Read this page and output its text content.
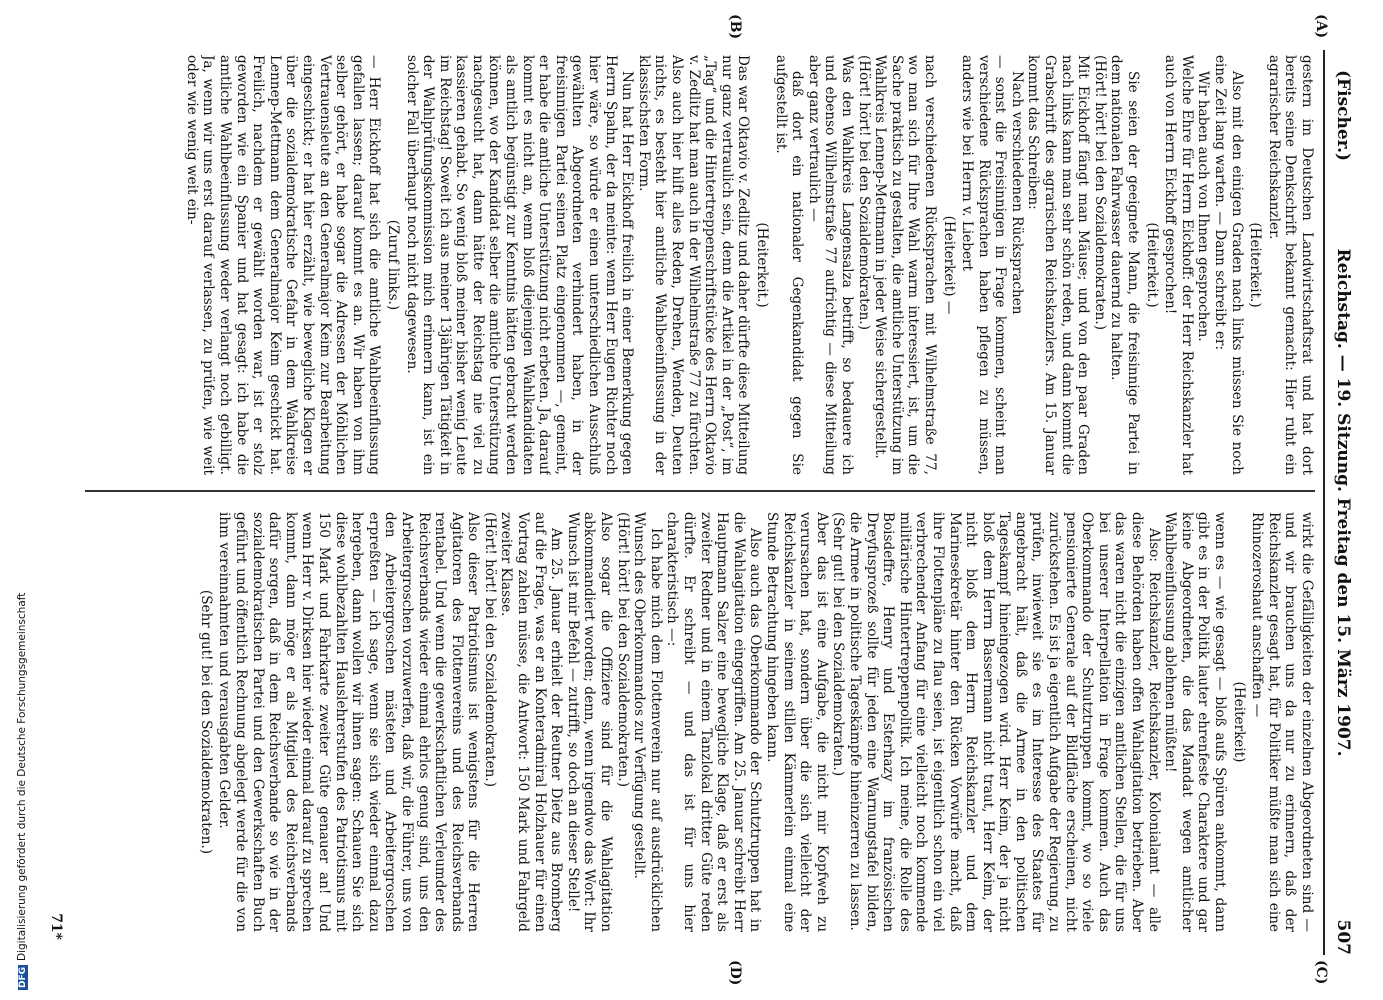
(Fischer.)
Reichstag. — 19. Sitzung. Freitag den 15. März 1907.
507
(A)
(B)
(C)
(D)

gestern im Deutschen Landwirtschaftsrat und hat dort bereits seine Denkschrift bekannt gemacht: Hier ruht ein agrarischer Reichskanzler.

(Heiterkeit.)

Also mit den einigen Graden nach links müssen Sie noch eine Zeit lang warten. — Dann schreibt er:

Wir haben auch von Ihnen gesprochen.

Welche Ehre für Herrn Eickhoff: der Herr Reichskanzler hat auch von Herrn Eickhoff gesprochen!

(Heiterkeit.)

Sie seien der geeignete Mann, die freisinnige Partei in dem nationalen Fahrwasser dauernd zu halten.

(Hört! hört! bei den Sozialdemokraten.)

Mit Eickhoff fängt man Mäuse; und von den paar Graden nach links kann man sehr schön reden, und dann kommt die Grabschrift des agrarischen Reichskanzlers. Am 15. Januar kommt das Schreiben:

Nach verschiedenen Rücksprachen

— sonst die Freisinnigen in Frage kommen, scheint man verschiedene Rücksprachen haben pflegen zu müssen, anders wie bei Herrn v. Liebert

(Heiterkeit) —

nach verschiedenen Rücksprachen mit Wilhelmstraße 77, wo man sich für Ihre Wahl warm interessiert, ist, um die Sache praktisch zu gestalten, die amtliche Unterstützung im Wahlkreis Lennep-Mettmann in jeder Weise sichergestellt.

(Hört! hört! bei den Sozialdemokraten.)

Was den Wahlkreis Langensalza betrifft, so bedauere ich und ebenso Wilhelmstraße 77 aufrichtig — diese Mitteilung aber ganz vertraulich —

daß dort ein nationaler Gegenkandidat gegen Sie aufgestellt ist.

(Heiterkeit.)

Das war Oktavio v. Zedlitz und daher dürfte diese Mitteilung nur ganz vertraulich sein, denn die Artikel in der „Post“, im „Tag“ und die Hintertreppenschriftstücke des Herrn Oktavio v. Zedlitz hat man auch in der Wilhelmstraße 77 zu fürchten. Also auch hier hilft alles Reden, Drehen, Wenden, Deuten nichts, es besteht hier amtliche Wahlbeeinflussung in der klassischsten Form.

Nun hat Herr Eickhoff freilich in einer Bemerkung gegen Herrn Spahn, der da meinte: wenn Herr Eugen Richter noch hier wäre, so würde er einen unterschiedlichen Ausschluß gewählten Abgeordneten verhindert haben, in der freisinnigen Partei seinen Platz eingenommen —, gemeint, er habe die amtliche Unterstützung nicht erbeten. Ja, darauf kommt es nicht an, wenn bloß diejenigen Wahlkandidaten als amtlich begünstigt zur Kenntnis hätten gebracht werden können, wo der Kandidat selber die amtliche Unterstützung nachgesucht hat, dann hätte der Reichstag nie viel zu kassieren gehabt. So wenig bloß meiner bisher wenig Leute im Reichstag! Soweit ich aus meiner 13jährigen Tätigkeit in der Wahlprüfungskommission mich erinnern kann, ist ein solcher Fall überhaupt noch nicht dagewesen.

(Zuruf links.)

— Herr Eickhoff hat sich die amtliche Wahlbeeinflussung gefallen lassen; darauf kommt es an. Wir haben von ihm selber gehört, er habe sogar die Adressen der Möhlichen Vertrauensleute an den Generalmajor Keim zur Bearbeitung eingeschickt; er hat hier erzählt, wie bewegliche Klagen er über die sozialdemokratische Gefahr in dem Wahlkreise Lennep-Mettmann dem Generalmajor Keim geschickt hat. Freilich, nachdem er gewählt worden war, ist er stolz geworden wie ein Spanier und hat gesagt: ich habe die amtliche Wahlbeeinflussung weder verlangt noch gebilligt. Ja, wenn wir uns erst darauf verlassen, zu prüfen, wie weit oder wie wenig weit ein-

wirkt die Gefälligkeiten der einzelnen Abgeordneten sind — und wir brauchen uns da nur zu erinnern, daß der Reichskanzler gesagt hat, für Politiker müßte man sich eine Rhinozeroshaut anschaffen —

(Heiterkeit)

wenn es — wie gesagt — bloß aufs Spüren ankommt, dann gibt es in der Politik lauter ehrenfeste Charaktere und gar keine Abgeordneten, die das Mandat wegen amtlicher Wahlbeeinflussung ablehnen müßten!

Also: Reichskanzler, Reichskanzler, Kolonialamt — alle diese Behörden haben offen Wahlagitation betrieben. Aber das waren nicht die einzigen amtlichen Stellen, die für uns bei unserer Interpellation in Frage kommen. Auch das Oberkommando der Schutztruppen kommt, wo so viele pensionierte Generale auf der Bildfläche erscheinen, nicht zurückstehen. Es ist ja eigentlich Aufgabe der Regierung, zu prüfen, inwieweit sie es im Interesse des Staates für angebracht hält, daß die Armee in den politischen Tageskampf hineingezogen wird. Herr Keim, der ja nicht bloß dem Herrn Bassermann nicht traut, Herr Keim, der nicht bloß dem Herrn Reichskanzler und dem Marinesekretär hinter den Rücken Vorwürfe macht, daß ihre Flottenpläne zu flau seien, ist eigentlich schon ein viel verbrechender Anfang für eine vielleicht noch kommende militärische Hintertreppenpolitik. Ich meine, die Rolle des Boisdeffre, Henry und Esterhazy im französischen Dreyfusprozeß sollte für jeden eine Warnungstafel bilden, die Armee in politische Tageskämpfe hineinzerren zu lassen.

(Sehr gut! bei den Sozialdemokraten.)

Aber das ist eine Aufgabe, die nicht mir Kopfweh zu verursachen hat, sondern über die sich vielleicht der Reichskanzler in seinem stillen Kämmerlein einmal eine Stunde Betrachtung hingeben kann.

Also auch das Oberkommando der Schutztruppen hat in die Wahlagitation eingegriffen. Am 25. Januar schreibt Herr Hauptmann Salzer eine bewegliche Klage, daß er erst als zweiter Redner und in einem Tanzlokal dritter Güte reden dürfte. Er schreibt — und das ist für uns hier charakteristisch —:

Ich habe mich dem Flottenverein nur auf ausdrücklichen Wunsch des Oberkommandos zur Verfügung gestellt.

(Hört! hört! bei den Sozialdemokraten.)

Also sogar die Offiziere sind für die Wahlagitation abkommandiert worden; denn, wenn irgendwo das Wort: Ihr Wunsch ist mir Befehl — zutrifft, so doch an dieser Stelle!

Am 25. Januar erhielt der Reutner Dietz aus Bromberg auf die Frage, was er an Konteradmiral Holzhauer für einen Vortrag zahlen müsse, die Antwort: 150 Mark und Fahrgeld zweiter Klasse.

(Hört! hört! bei den Sozialdemokraten.)

Also dieser Patriotismus ist wenigstens für die Herren Agitatoren des Flottenvereins und des Reichsverbands rentabel. Und wenn die gewerkschaftlichen Verleumder des Reichsverbands wieder einmal ehrlos genug sind, uns den Arbeitergroschen vorzuwerfen, daß wir, die Führer, uns von den Arbeitergroschen mästeten und Arbeitergroschen erpreßten — ich sage, wenn sie sich wieder einmal dazu hergeben, dann wollen wir ihnen sagen: Schauen Sie sich diese wohlbezahlten Hauslehrerstufen des Patriotismus mit 150 Mark und Fahrkarte zweiter Güte genauer an! Und wenn Herr v. Dirksen hier wieder einmal darauf zu sprechen kommt, dann möge er als Mitglied des Reichsverbands dafür sorgen, daß in dem Reichsverbande so wie in der sozialdemokratischen Partei und den Gewerkschaften Buch geführt und öffentlich Rechnung abgelegt werde für die von ihm vereinnahmten und verausgabten Gelder.

(Sehr gut! bei den Sozialdemokraten.)

71*
DFGDigitalisierung gefördert durch die Deutsche Forschungsgemeinschaft
